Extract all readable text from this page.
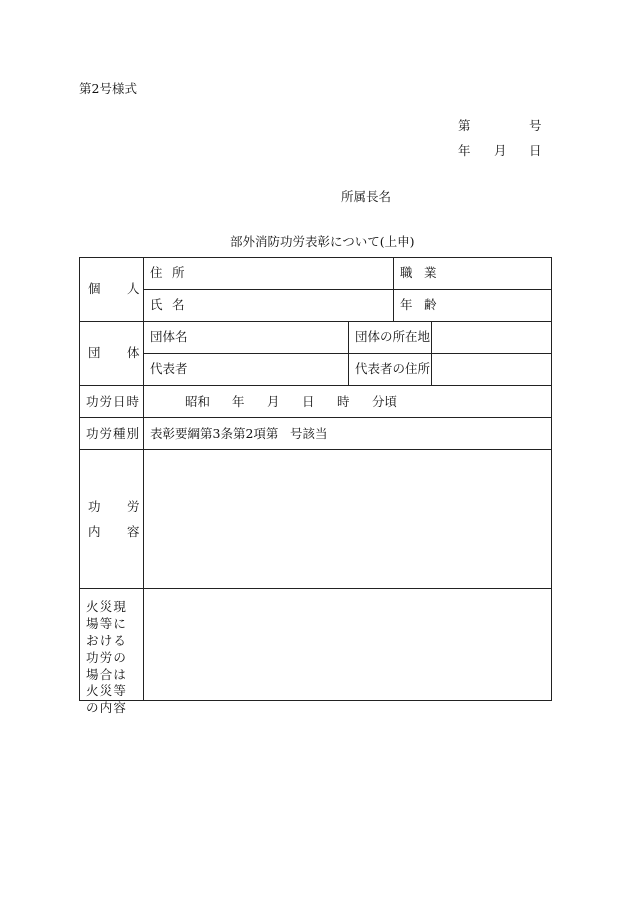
第2号様式
第	号
年 月 日
所属長名
部外消防功労表彰について(上申)
個 人
住 所	職 業
氏 名	年 齢
団 体
団体名	団体の所在地
代表者	代表者の住所
功労日時	昭和 年 月 日 時 分頃
功労種別 表彰要綱第3条第2項第 号該当
功 労
内 容
火災現場等における功労の場合は火災等の内容
